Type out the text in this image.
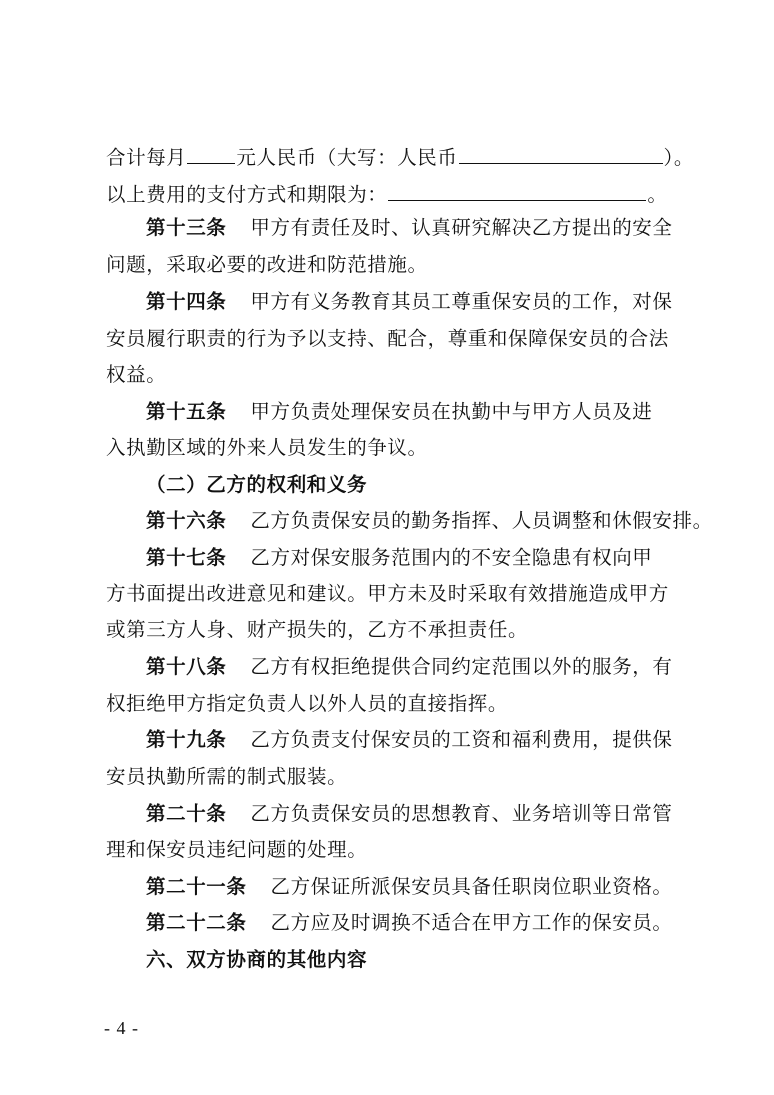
合计每月	元人民币（大写：人民币	）。
以上费用的支付方式和期限为：	。
第十三条 甲方有责任及时、认真研究解决乙方提出的安全
问题，采取必要的改进和防范措施。
第十四条 甲方有义务教育其员工尊重保安员的工作，对保
安员履行职责的行为予以支持、配合，尊重和保障保安员的合法
权益。
第十五条 甲方负责处理保安员在执勤中与甲方人员及进
入执勤区域的外来人员发生的争议。
（二）乙方的权利和义务
第十六条 乙方负责保安员的勤务指挥、人员调整和休假安排。
第十七条 乙方对保安服务范围内的不安全隐患有权向甲
方书面提出改进意见和建议。甲方未及时采取有效措施造成甲方
或第三方人身、财产损失的，乙方不承担责任。
第十八条 乙方有权拒绝提供合同约定范围以外的服务，有
权拒绝甲方指定负责人以外人员的直接指挥。
第十九条 乙方负责支付保安员的工资和福利费用，提供保
安员执勤所需的制式服装。
第二十条 乙方负责保安员的思想教育、业务培训等日常管
理和保安员违纪问题的处理。
第二十一条 乙方保证所派保安员具备任职岗位职业资格。
第二十二条 乙方应及时调换不适合在甲方工作的保安员。
六、双方协商的其他内容
- 4 -
